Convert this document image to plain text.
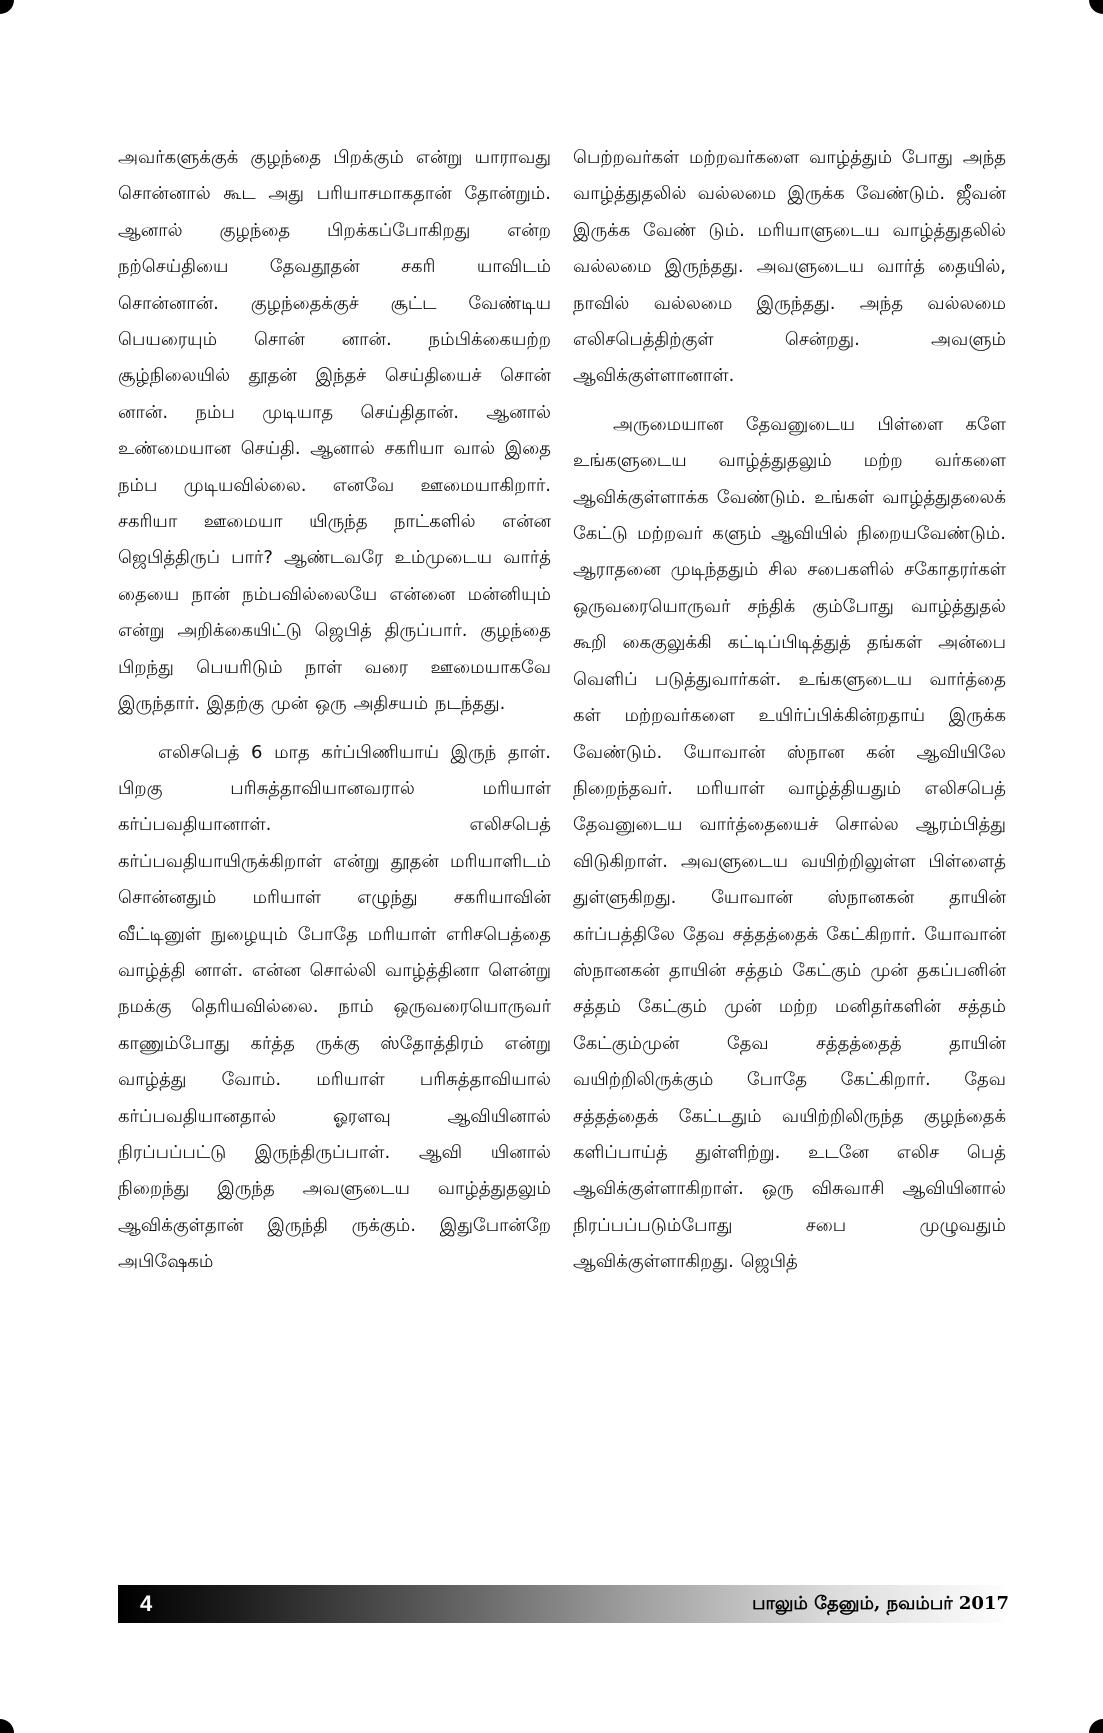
அவர்களுக்குக் குழந்தை பிறக்கும் என்று யாராவது சொன்னால் கூட அது பரியாசமாகதான் தோன்றும். ஆனால் குழந்தை பிறக்கப்போகிறது என்ற நற்செய்தியை தேவதூதன் சகரி யாவிடம் சொன்னான். குழந்தைக்குச் சூட்ட வேண்டிய பெயரையும் சொன் னான். நம்பிக்கையற்ற சூழ்நிலையில் தூதன் இந்தச் செய்தியைச் சொன் னான். நம்ப முடியாத செய்திதான். ஆனால் உண்மையான செய்தி. ஆனால் சகரியா வால் இதை நம்ப முடியவில்லை. எனவே ஊமையாகிறார். சகரியா ஊமையா யிருந்த நாட்களில் என்ன ஜெபித்திருப் பார்? ஆண்டவரே உம்முடைய வார்த் தையை நான் நம்பவில்லையே என்னை மன்னியும் என்று அறிக்கையிட்டு ஜெபித் திருப்பார். குழந்தை பிறந்து பெயரிடும் நாள் வரை ஊமையாகவே இருந்தார். இதற்கு முன் ஒரு அதிசயம் நடந்தது.

எலிசபெத் 6 மாத கர்ப்பிணியாய் இருந் தாள். பிறகு பரிசுத்தாவியானவரால் மரியாள் கர்ப்பவதியானாள். எலிசபெத் கர்ப்பவதியாயிருக்கிறாள் என்று தூதன் மரியாளிடம் சொன்னதும் மரியாள் எழுந்து சகரியாவின் வீட்டினுள் நுழையும் போதே மரியாள் எரிசபெத்தை வாழ்த்தி னாள். என்ன சொல்லி வாழ்த்தினா ளென்று நமக்கு தெரியவில்லை. நாம் ஒருவரையொருவர் காணும்போது கர்த்த ருக்கு ஸ்தோத்திரம் என்று வாழ்த்து வோம். மரியாள் பரிசுத்தாவியால் கர்ப்பவதியானதால் ஓரளவு ஆவியினால் நிரப்பப்பட்டு இருந்திருப்பாள். ஆவி யினால் நிறைந்து இருந்த அவளுடைய வாழ்த்துதலும் ஆவிக்குள்தான் இருந்தி ருக்கும். இதுபோன்றே அபிஷேகம்

பெற்றவர்கள் மற்றவர்களை வாழ்த்தும் போது அந்த வாழ்த்துதலில் வல்லமை இருக்க வேண்டும். ஜீவன் இருக்க வேண் டும். மரியாளுடைய வாழ்த்துதலில் வல்லமை இருந்தது. அவளுடைய வார்த் தையில், நாவில் வல்லமை இருந்தது. அந்த வல்லமை எலிசபெத்திற்குள் சென்றது. அவளும் ஆவிக்குள்ளானாள்.

அருமையான தேவனுடைய பிள்ளை களே உங்களுடைய வாழ்த்துதலும் மற்ற வர்களை ஆவிக்குள்ளாக்க வேண்டும். உங்கள் வாழ்த்துதலைக் கேட்டு மற்றவர் களும் ஆவியில் நிறையவேண்டும். ஆராதனை முடிந்ததும் சில சபைகளில் சகோதரர்கள் ஒருவரையொருவர் சந்திக் கும்போது வாழ்த்துதல் கூறி கைகுலுக்கி கட்டிப்பிடித்துத் தங்கள் அன்பை வெளிப் படுத்துவார்கள். உங்களுடைய வார்த்தை கள் மற்றவர்களை உயிர்ப்பிக்கின்றதாய் இருக்க வேண்டும். யோவான் ஸ்நான கன் ஆவியிலே நிறைந்தவர். மரியாள் வாழ்த்தியதும் எலிசபெத் தேவனுடைய வார்த்தையைச் சொல்ல ஆரம்பித்து விடுகிறாள். அவளுடைய வயிற்றிலுள்ள பிள்ளைத் துள்ளுகிறது. யோவான் ஸ்நானகன் தாயின் கர்ப்பத்திலே தேவ சத்தத்தைக் கேட்கிறார். யோவான் ஸ்நானகன் தாயின் சத்தம் கேட்கும் முன் தகப்பனின் சத்தம் கேட்கும் முன் மற்ற மனிதர்களின் சத்தம் கேட்கும்முன் தேவ சத்தத்தைத் தாயின் வயிற்றிலிருக்கும் போதே கேட்கிறார். தேவ சத்தத்தைக் கேட்டதும் வயிற்றிலிருந்த குழந்தைக் களிப்பாய்த் துள்ளிற்று. உடனே எலிச பெத் ஆவிக்குள்ளாகிறாள். ஒரு விசுவாசி ஆவியினால் நிரப்பப்படும்போது சபை முழுவதும் ஆவிக்குள்ளாகிறது. ஜெபித்

4	பாலும் தேனும், நவம்பர் 2017
